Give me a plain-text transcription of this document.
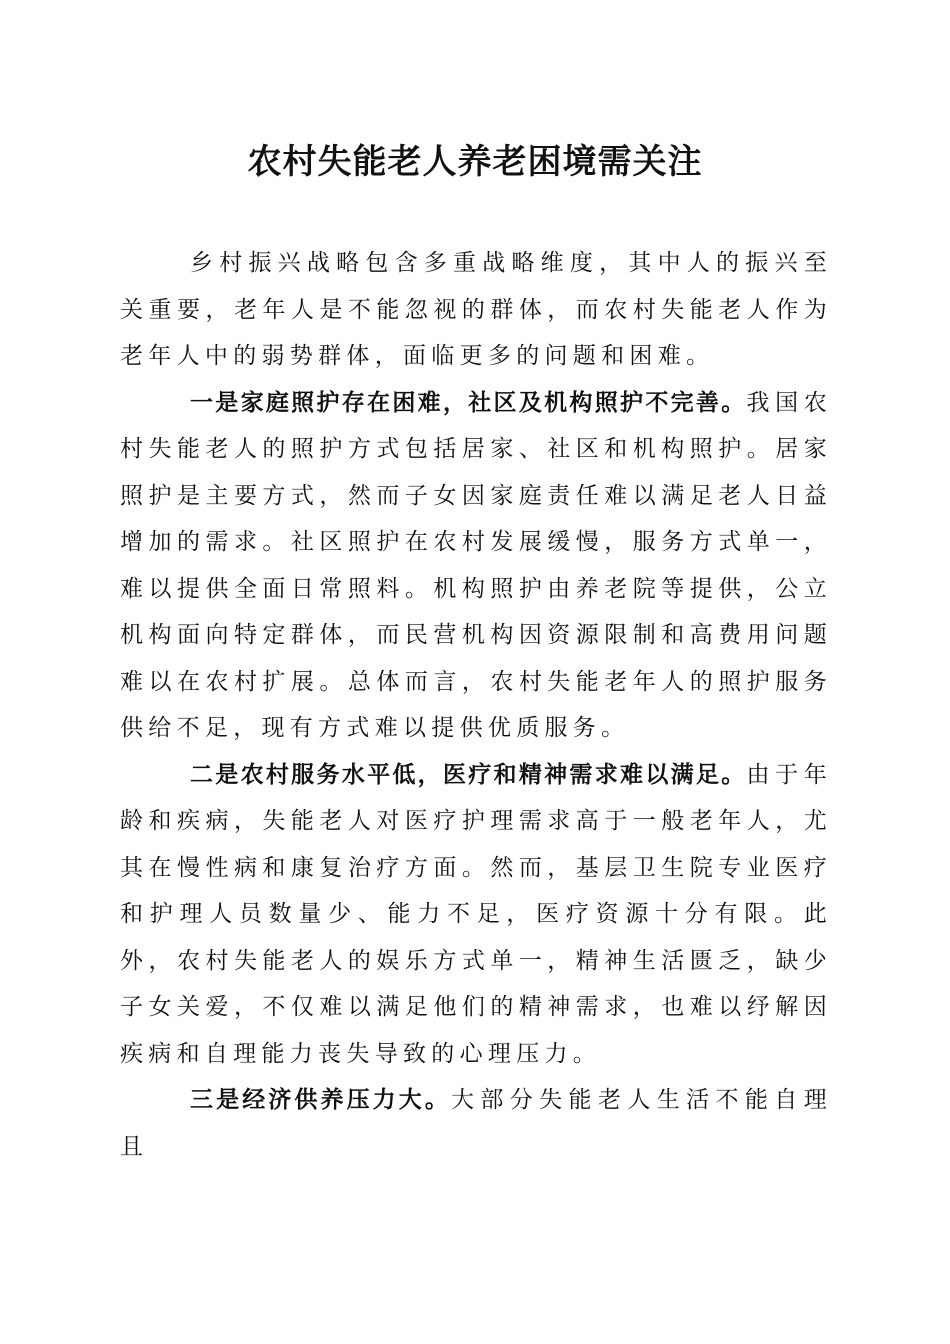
农村失能老人养老困境需关注

乡村振兴战略包含多重战略维度，其中人的振兴至关重要，老年人是不能忽视的群体，而农村失能老人作为老年人中的弱势群体，面临更多的问题和困难。

一是家庭照护存在困难，社区及机构照护不完善。我国农村失能老人的照护方式包括居家、社区和机构照护。居家照护是主要方式，然而子女因家庭责任难以满足老人日益增加的需求。社区照护在农村发展缓慢，服务方式单一，难以提供全面日常照料。机构照护由养老院等提供，公立机构面向特定群体，而民营机构因资源限制和高费用问题难以在农村扩展。总体而言，农村失能老年人的照护服务供给不足，现有方式难以提供优质服务。

二是农村服务水平低，医疗和精神需求难以满足。由于年龄和疾病，失能老人对医疗护理需求高于一般老年人，尤其在慢性病和康复治疗方面。然而，基层卫生院专业医疗和护理人员数量少、能力不足，医疗资源十分有限。此外，农村失能老人的娱乐方式单一，精神生活匮乏，缺少子女关爱，不仅难以满足他们的精神需求，也难以纾解因疾病和自理能力丧失导致的心理压力。

三是经济供养压力大。大部分失能老人生活不能自理且
